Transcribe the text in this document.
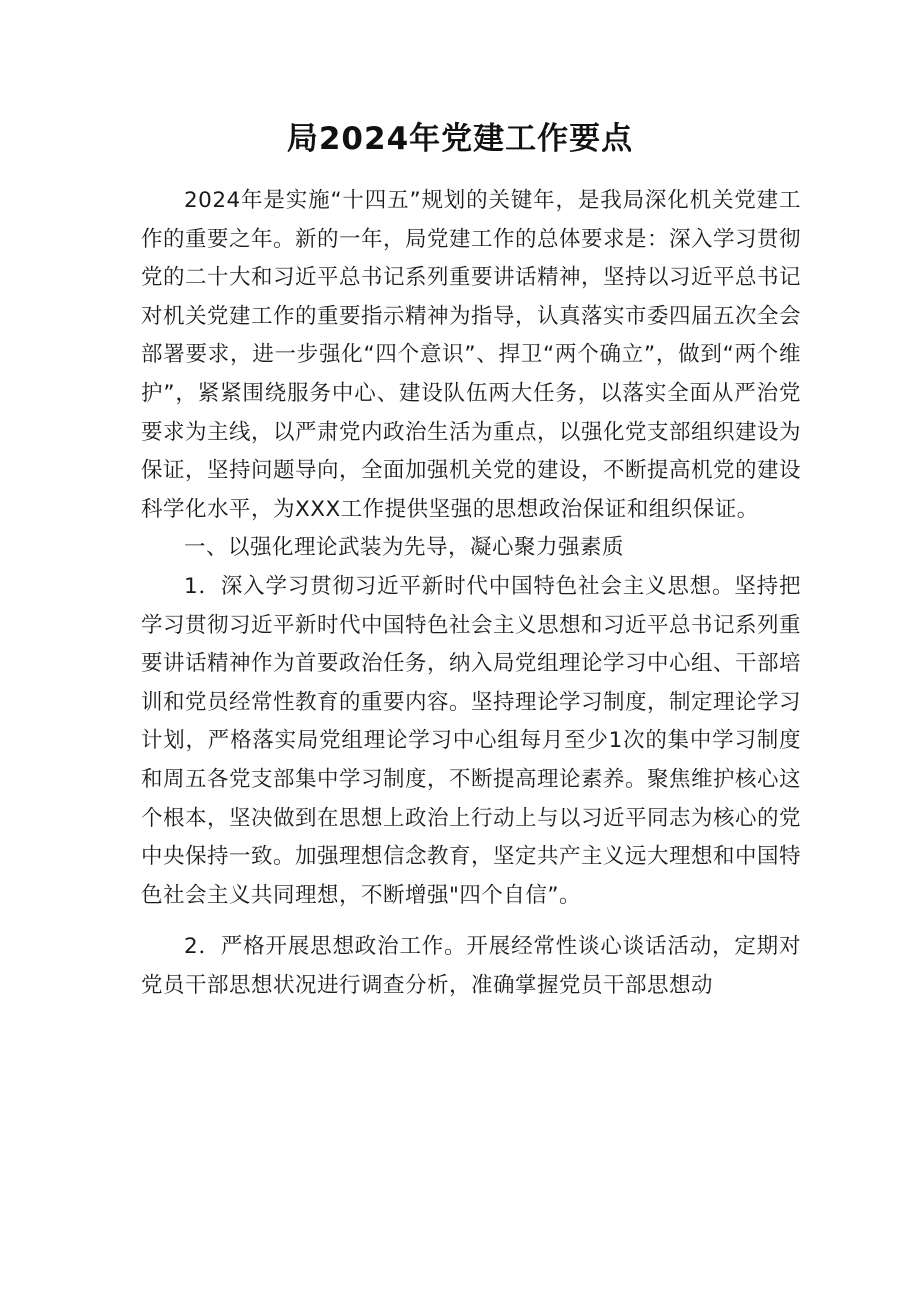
局2024年党建工作要点

2024年是实施“十四五”规划的关键年，是我局深化机关党建工作的重要之年。新的一年，局党建工作的总体要求是：深入学习贯彻党的二十大和习近平总书记系列重要讲话精神，坚持以习近平总书记对机关党建工作的重要指示精神为指导，认真落实市委四届五次全会部署要求，进一步强化“四个意识”、捍卫“两个确立”，做到“两个维护”，紧紧围绕服务中心、建设队伍两大任务，以落实全面从严治党要求为主线，以严肃党内政治生活为重点，以强化党支部组织建设为保证，坚持问题导向，全面加强机关党的建设，不断提高机党的建设科学化水平，为XXX工作提供坚强的思想政治保证和组织保证。

一、以强化理论武装为先导，凝心聚力强素质

1．深入学习贯彻习近平新时代中国特色社会主义思想。坚持把学习贯彻习近平新时代中国特色社会主义思想和习近平总书记系列重要讲话精神作为首要政治任务，纳入局党组理论学习中心组、干部培训和党员经常性教育的重要内容。坚持理论学习制度，制定理论学习计划，严格落实局党组理论学习中心组每月至少1次的集中学习制度和周五各党支部集中学习制度，不断提高理论素养。聚焦维护核心这个根本，坚决做到在思想上政治上行动上与以习近平同志为核心的党中央保持一致。加强理想信念教育，坚定共产主义远大理想和中国特色社会主义共同理想，不断增强"四个自信”。

2．严格开展思想政治工作。开展经常性谈心谈话活动，定期对党员干部思想状况进行调查分析，准确掌握党员干部思想动
